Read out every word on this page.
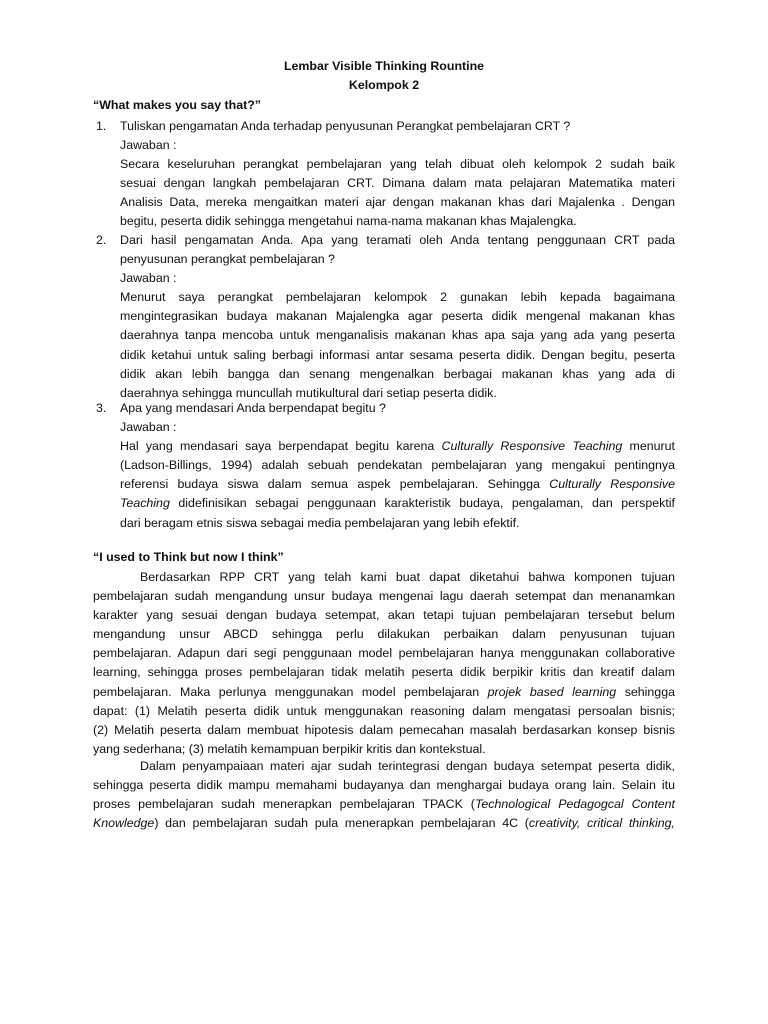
Lembar Visible Thinking Rountine
Kelompok 2
“What makes you say that?”
1. Tuliskan pengamatan Anda terhadap penyusunan Perangkat pembelajaran CRT ?
Jawaban :
Secara keseluruhan perangkat pembelajaran yang telah dibuat oleh kelompok 2 sudah baik
sesuai dengan langkah pembelajaran CRT. Dimana dalam mata pelajaran Matematika materi
Analisis Data, mereka mengaitkan materi ajar dengan makanan khas dari Majalenka . Dengan
begitu, peserta didik sehingga mengetahui nama-nama makanan khas Majalengka.
2. Dari hasil pengamatan Anda. Apa yang teramati oleh Anda tentang penggunaan CRT pada
penyusunan perangkat pembelajaran ?
Jawaban :
Menurut saya perangkat pembelajaran kelompok 2 gunakan lebih kepada bagaimana
mengintegrasikan budaya makanan Majalengka agar peserta didik mengenal makanan khas
daerahnya tanpa mencoba untuk menganalisis makanan khas apa saja yang ada yang peserta
didik ketahui untuk saling berbagi informasi antar sesama peserta didik. Dengan begitu, peserta
didik akan lebih bangga dan senang mengenalkan berbagai makanan khas yang ada di
daerahnya sehingga muncullah mutikultural dari setiap peserta didik.
3. Apa yang mendasari Anda berpendapat begitu ?
Jawaban :
Hal yang mendasari saya berpendapat begitu karena Culturally Responsive Teaching menurut
(Ladson-Billings, 1994) adalah sebuah pendekatan pembelajaran yang mengakui pentingnya
referensi budaya siswa dalam semua aspek pembelajaran. Sehingga Culturally Responsive
Teaching didefinisikan sebagai penggunaan karakteristik budaya, pengalaman, dan perspektif
dari beragam etnis siswa sebagai media pembelajaran yang lebih efektif.
“I used to Think but now I think”
Berdasarkan RPP CRT yang telah kami buat dapat diketahui bahwa komponen tujuan
pembelajaran sudah mengandung unsur budaya mengenai lagu daerah setempat dan menanamkan
karakter yang sesuai dengan budaya setempat, akan tetapi tujuan pembelajaran tersebut belum
mengandung unsur ABCD sehingga perlu dilakukan perbaikan dalam penyusunan tujuan
pembelajaran. Adapun dari segi penggunaan model pembelajaran hanya menggunakan collaborative
learning, sehingga proses pembelajaran tidak melatih peserta didik berpikir kritis dan kreatif dalam
pembelajaran. Maka perlunya menggunakan model pembelajaran projek based learning sehingga
dapat: (1) Melatih peserta didik untuk menggunakan reasoning dalam mengatasi persoalan bisnis;
(2) Melatih peserta dalam membuat hipotesis dalam pemecahan masalah berdasarkan konsep bisnis
yang sederhana; (3) melatih kemampuan berpikir kritis dan kontekstual.
Dalam penyampaiaan materi ajar sudah terintegrasi dengan budaya setempat peserta didik,
sehingga peserta didik mampu memahami budayanya dan menghargai budaya orang lain. Selain itu
proses pembelajaran sudah menerapkan pembelajaran TPACK (Technological Pedagogcal Content
Knowledge) dan pembelajaran sudah pula menerapkan pembelajaran 4C (creativity, critical thinking,
